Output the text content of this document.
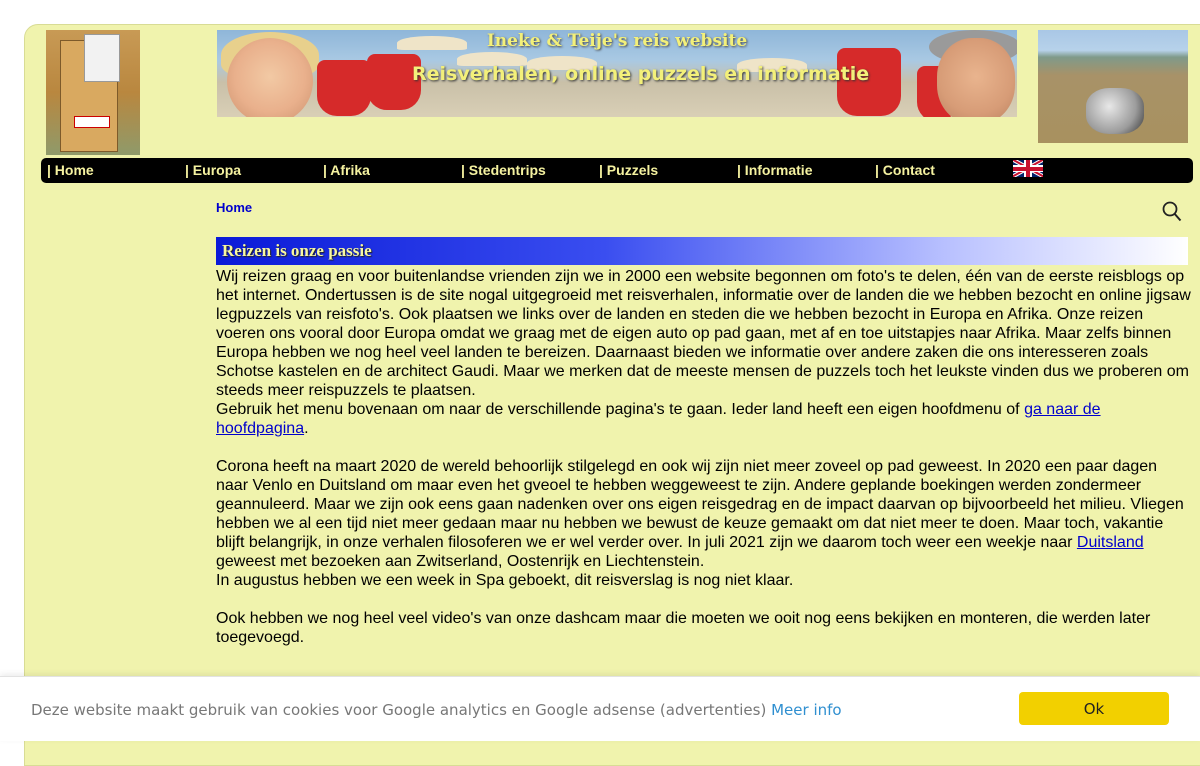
Ineke & Teije's reis website
Reisverhalen, online puzzels en informatie
| Home	| Europa	| Afrika	| Stedentrips	| Puzzels	| Informatie	| Contact
Home
Reizen is onze passie

Wij reizen graag en voor buitenlandse vrienden zijn we in 2000 een website begonnen om foto's te delen, één van de eerste reisblogs op het internet. Ondertussen is de site nogal uitgegroeid met reisverhalen, informatie over de landen die we hebben bezocht en online jigsaw legpuzzels van reisfoto's. Ook plaatsen we links over de landen en steden die we hebben bezocht in Europa en Afrika. Onze reizen voeren ons vooral door Europa omdat we graag met de eigen auto op pad gaan, met af en toe uitstapjes naar Afrika. Maar zelfs binnen Europa hebben we nog heel veel landen te bereizen. Daarnaast bieden we informatie over andere zaken die ons interesseren zoals Schotse kastelen en de architect Gaudi. Maar we merken dat de meeste mensen de puzzels toch het leukste vinden dus we proberen om steeds meer reispuzzels te plaatsen.

Gebruik het menu bovenaan om naar de verschillende pagina's te gaan. Ieder land heeft een eigen hoofdmenu of ga naar de hoofdpagina.

Corona heeft na maart 2020 de wereld behoorlijk stilgelegd en ook wij zijn niet meer zoveel op pad geweest. In 2020 een paar dagen naar Venlo en Duitsland om maar even het gveoel te hebben weggeweest te zijn. Andere geplande boekingen werden zondermeer geannuleerd. Maar we zijn ook eens gaan nadenken over ons eigen reisgedrag en de impact daarvan op bijvoorbeeld het milieu. Vliegen hebben we al een tijd niet meer gedaan maar nu hebben we bewust de keuze gemaakt om dat niet meer te doen. Maar toch, vakantie blijft belangrijk, in onze verhalen filosoferen we er wel verder over. In juli 2021 zijn we daarom toch weer een weekje naar Duitsland geweest met bezoeken aan Zwitserland, Oostenrijk en Liechtenstein.

In augustus hebben we een week in Spa geboekt, dit reisverslag is nog niet klaar.

Ook hebben we nog heel veel video's van onze dashcam maar die moeten we ooit nog eens bekijken en monteren, die werden later toegevoegd.

Deze website maakt gebruik van cookies voor Google analytics en Google adsense (advertenties) Meer info	Ok
